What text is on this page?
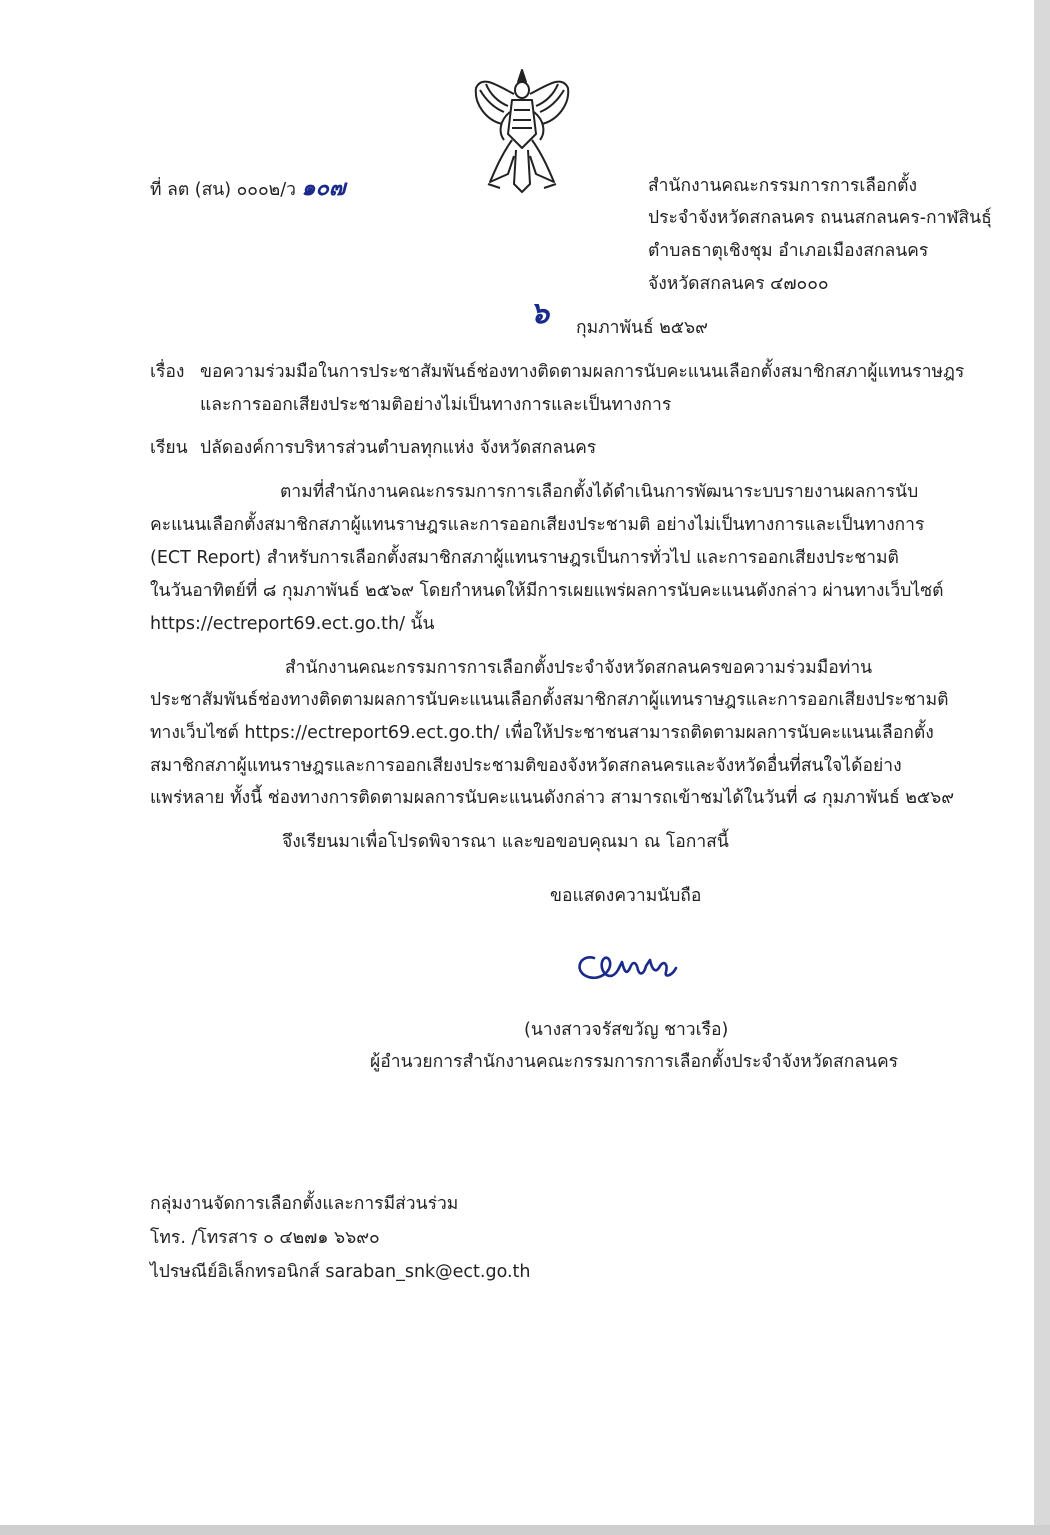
ที่ ลต (สน) ๐๐๐๒/ว ๑๐๗	สำนักงานคณะกรรมการการเลือกตั้ง
ประจำจังหวัดสกลนคร ถนนสกลนคร-กาฬสินธุ์
ตำบลธาตุเชิงชุม อำเภอเมืองสกลนคร
จังหวัดสกลนคร ๔๗๐๐๐
๖ กุมภาพันธ์ ๒๕๖๙
เรื่อง ขอความร่วมมือในการประชาสัมพันธ์ช่องทางติดตามผลการนับคะแนนเลือกตั้งสมาชิกสภาผู้แทนราษฎร
และการออกเสียงประชามติอย่างไม่เป็นทางการและเป็นทางการ
เรียน ปลัดองค์การบริหารส่วนตำบลทุกแห่ง จังหวัดสกลนคร
ตามที่สำนักงานคณะกรรมการการเลือกตั้งได้ดำเนินการพัฒนาระบบรายงานผลการนับ
คะแนนเลือกตั้งสมาชิกสภาผู้แทนราษฎรและการออกเสียงประชามติ อย่างไม่เป็นทางการและเป็นทางการ
(ECT Report) สำหรับการเลือกตั้งสมาชิกสภาผู้แทนราษฎรเป็นการทั่วไป และการออกเสียงประชามติ
ในวันอาทิตย์ที่ ๘ กุมภาพันธ์ ๒๕๖๙ โดยกำหนดให้มีการเผยแพร่ผลการนับคะแนนดังกล่าว ผ่านทางเว็บไซต์
https://ectreport69.ect.go.th/ นั้น
สำนักงานคณะกรรมการการเลือกตั้งประจำจังหวัดสกลนครขอความร่วมมือท่าน
ประชาสัมพันธ์ช่องทางติดตามผลการนับคะแนนเลือกตั้งสมาชิกสภาผู้แทนราษฎรและการออกเสียงประชามติ
ทางเว็บไซต์ https://ectreport69.ect.go.th/ เพื่อให้ประชาชนสามารถติดตามผลการนับคะแนนเลือกตั้ง
สมาชิกสภาผู้แทนราษฎรและการออกเสียงประชามติของจังหวัดสกลนครและจังหวัดอื่นที่สนใจได้อย่าง
แพร่หลาย ทั้งนี้ ช่องทางการติดตามผลการนับคะแนนดังกล่าว สามารถเข้าชมได้ในวันที่ ๘ กุมภาพันธ์ ๒๕๖๙
จึงเรียนมาเพื่อโปรดพิจารณา และขอขอบคุณมา ณ โอกาสนี้
ขอแสดงความนับถือ
(นางสาวจรัสขวัญ ชาวเรือ)
ผู้อำนวยการสำนักงานคณะกรรมการการเลือกตั้งประจำจังหวัดสกลนคร
กลุ่มงานจัดการเลือกตั้งและการมีส่วนร่วม
โทร. /โทรสาร ๐ ๔๒๗๑ ๖๖๙๐
ไปรษณีย์อิเล็กทรอนิกส์ saraban_snk@ect.go.th
